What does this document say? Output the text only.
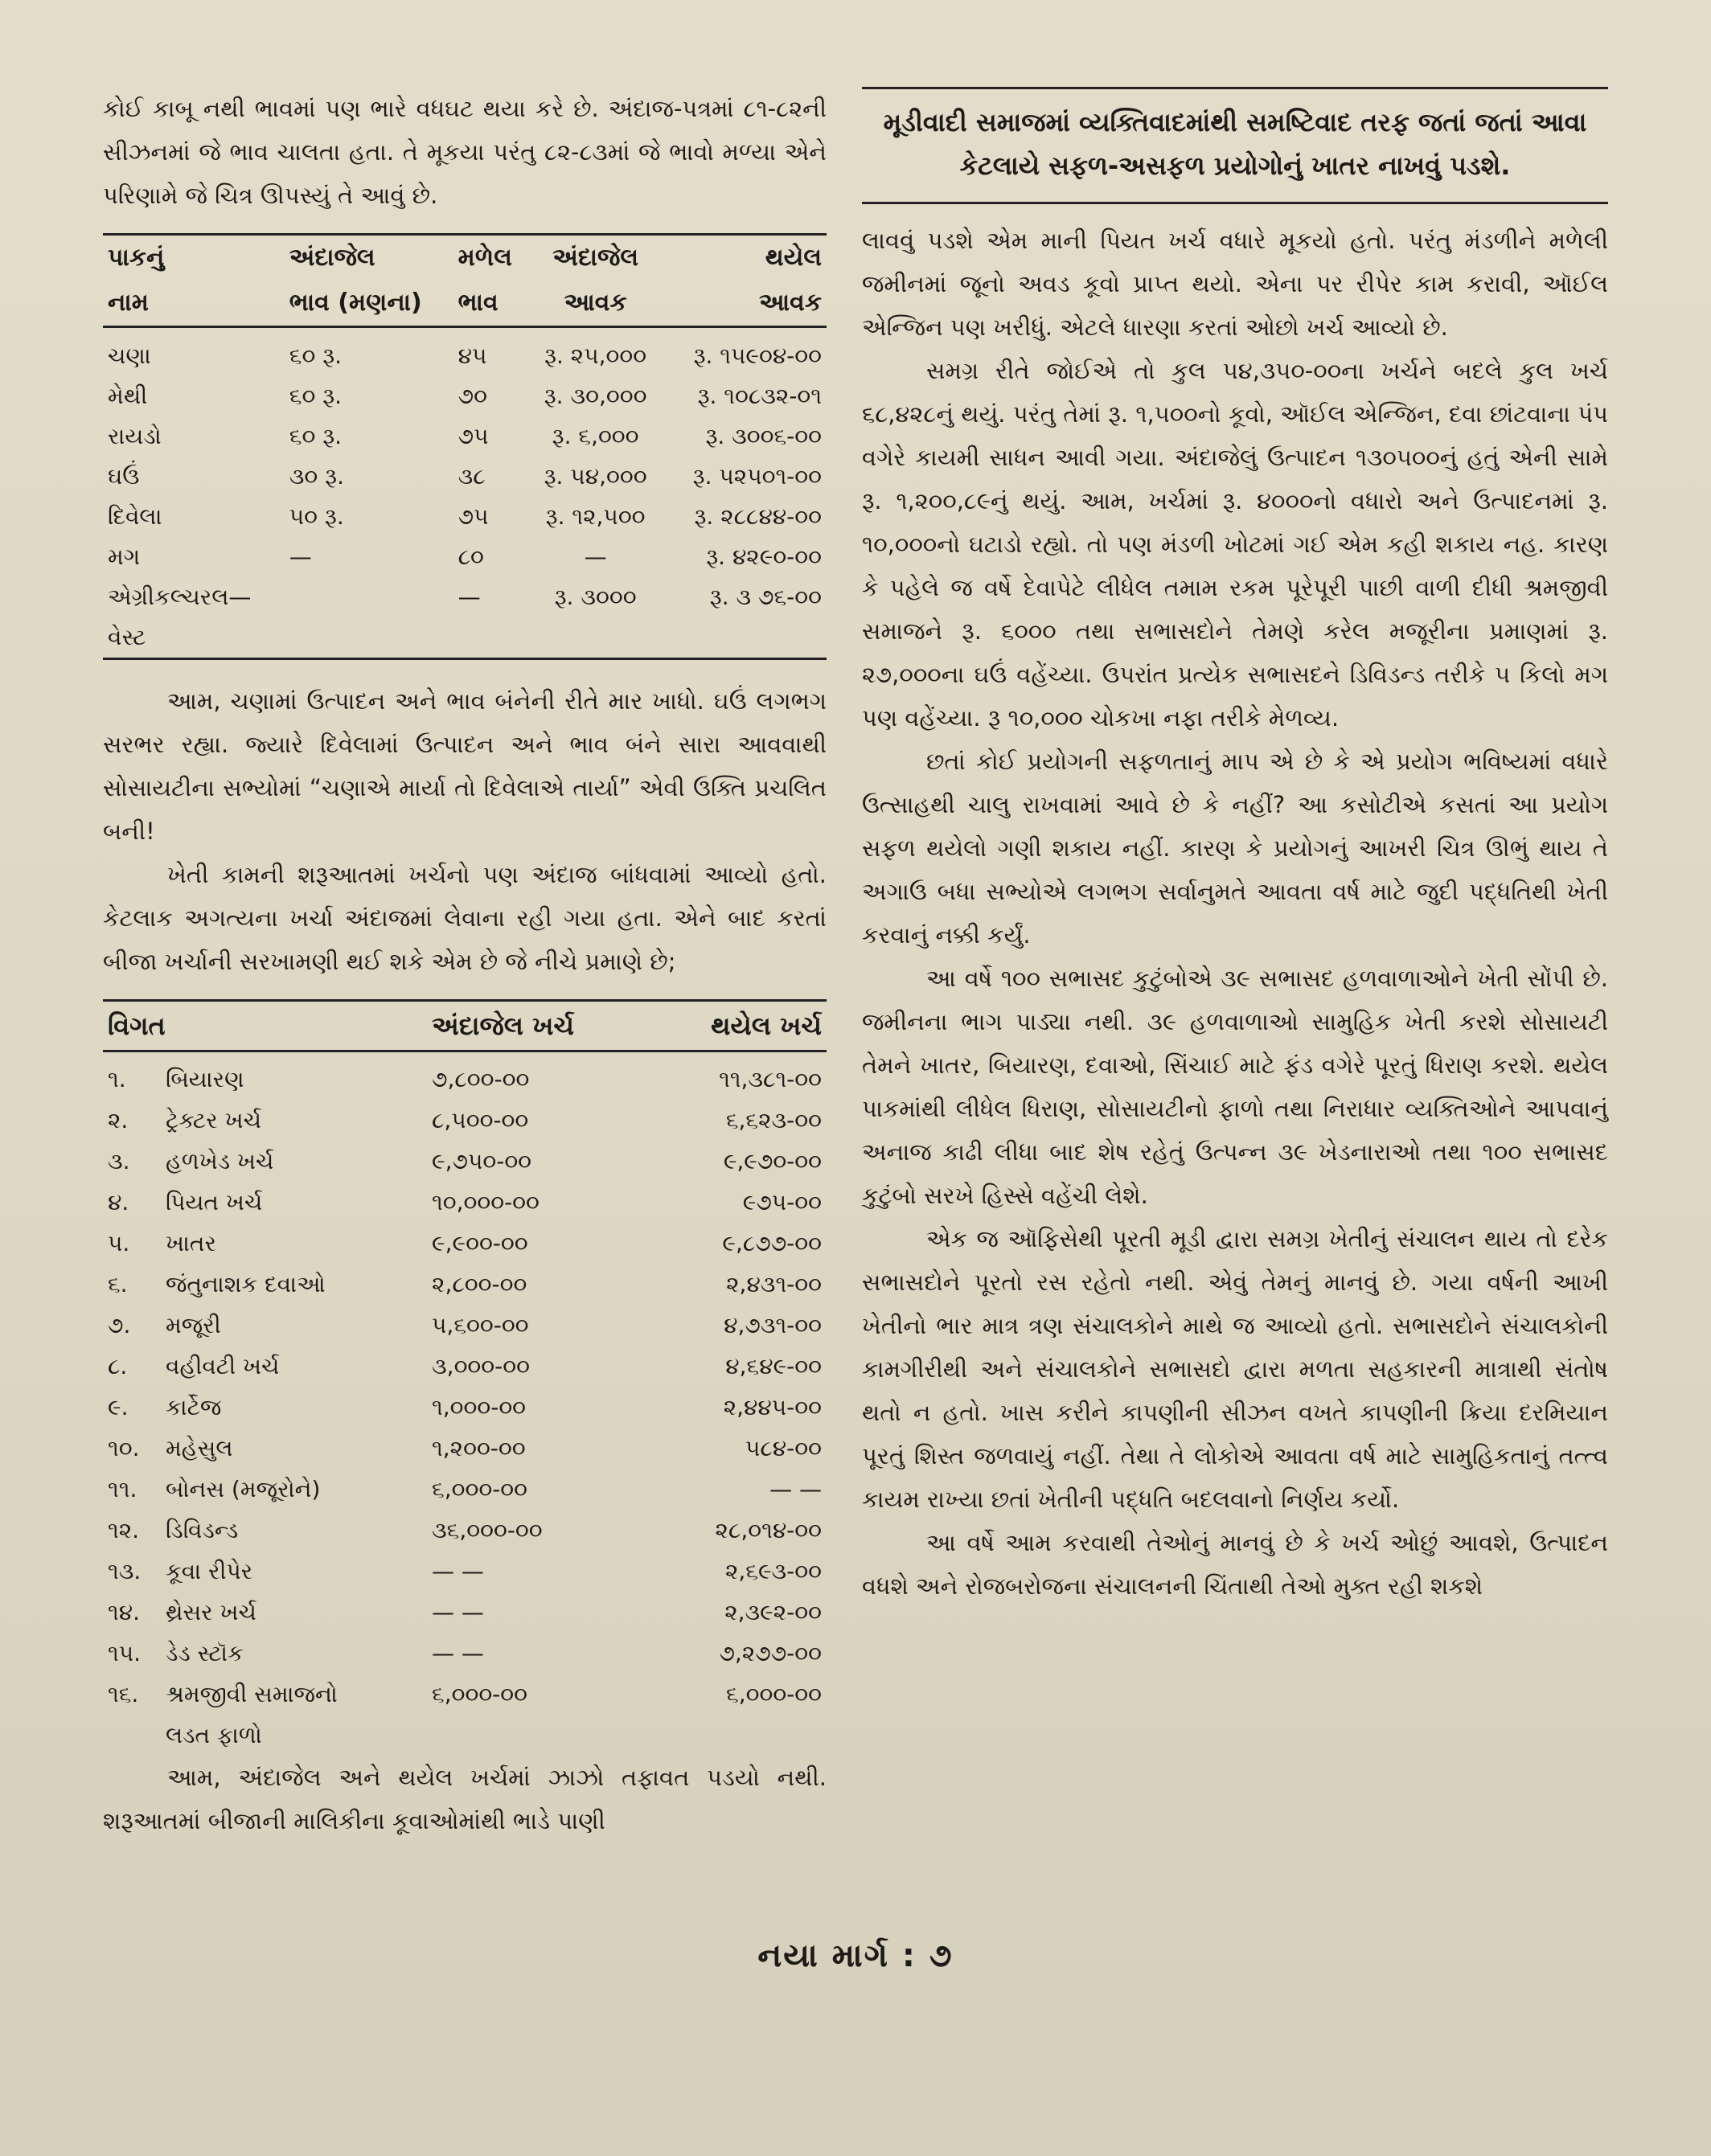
કોઈ કાબૂ નથી ભાવમાં પણ ભારે વધઘટ થયા કરે છે. અંદાજ-પત્રમાં ૮૧-૮૨ની સીઝનમાં જે ભાવ ચાલતા હતા. તે મૂકયા પરંતુ ૮૨-૮૩માં જે ભાવો મળ્યા એને પરિણામે જે ચિત્ર ઊપસ્યું તે આવું છે.

પાકનું	અંદાજેલ	મળેલ	અંદાજેલ	થયેલ
નામ	ભાવ (મણના)	ભાવ	આવક	આવક
ચણા	૬૦ રૂ.	૪૫	રૂ. ૨૫,૦૦૦	રૂ. ૧૫૯૦૪-૦૦
મેથી	૬૦ રૂ.	૭૦	રૂ. ૩૦,૦૦૦	રૂ. ૧૦૮૩૨-૦૧
રાયડો	૬૦ રૂ.	૭૫	રૂ. ૬,૦૦૦	રૂ. ૩૦૦૬-૦૦
ઘઉં	૩૦ રૂ.	૩૮	રૂ. ૫૪,૦૦૦	રૂ. ૫૨૫૦૧-૦૦
દિવેલા	૫૦ રૂ.	૭૫	રૂ. ૧૨,૫૦૦	રૂ. ૨૮૮૪૪-૦૦
મગ	—	૮૦	—	રૂ. ૪૨૯૦-૦૦
એગ્રીકલ્ચરલ—		—	રૂ. ૩૦૦૦	રૂ. ૩ ૭૬-૦૦
વેસ્ટ				

આમ, ચણામાં ઉત્પાદન અને ભાવ બંનેની રીતે માર ખાધો. ઘઉં લગભગ સરભર રહ્યા. જ્યારે દિવેલામાં ઉત્પાદન અને ભાવ બંને સારા આવવાથી સોસાયટીના સભ્યોમાં “ચણાએ માર્યા તો દિવેલાએ તાર્યા” એવી ઉક્તિ પ્રચલિત બની!

ખેતી કામની શરૂઆતમાં ખર્ચનો પણ અંદાજ બાંધવામાં આવ્યો હતો. કેટલાક અગત્યના ખર્ચા અંદાજમાં લેવાના રહી ગયા હતા. એને બાદ કરતાં બીજા ખર્ચાની સરખામણી થઈ શકે એમ છે જે નીચે પ્રમાણે છે;

વિગત		અંદાજેલ ખર્ચ	થયેલ ખર્ચ
૧.	બિયારણ	૭,૮૦૦-૦૦	૧૧,૩૮૧-૦૦
૨.	ટ્રેક્ટર ખર્ચ	૮,૫૦૦-૦૦	૬,૬૨૩-૦૦
૩.	હળખેડ ખર્ચ	૯,૭૫૦-૦૦	૯,૯૭૦-૦૦
૪.	પિયત ખર્ચ	૧૦,૦૦૦-૦૦	૯૭૫-૦૦
૫.	ખાતર	૯,૯૦૦-૦૦	૯,૮૭૭-૦૦
૬.	જંતુનાશક દવાઓ	૨,૮૦૦-૦૦	૨,૪૩૧-૦૦
૭.	મજૂરી	૫,૬૦૦-૦૦	૪,૭૩૧-૦૦
૮.	વહીવટી ખર્ચ	૩,૦૦૦-૦૦	૪,૬૪૯-૦૦
૯.	કાર્ટેજ	૧,૦૦૦-૦૦	૨,૪૪૫-૦૦
૧૦.	મહેસુલ	૧,૨૦૦-૦૦	૫૮૪-૦૦
૧૧.	બોનસ (મજૂરોને)	૬,૦૦૦-૦૦	— —
૧૨.	ડિવિડન્ડ	૩૬,૦૦૦-૦૦	૨૮,૦૧૪-૦૦
૧૩.	કૂવા રીપેર	— —	૨,૬૯૩-૦૦
૧૪.	થ્રેસર ખર્ચ	— —	૨,૩૯૨-૦૦
૧૫.	ડેડ સ્ટૉક	— —	૭,૨૭૭-૦૦
૧૬.	શ્રમજીવી સમાજનો	૬,૦૦૦-૦૦	૬,૦૦૦-૦૦
	લડત ફાળો		

આમ, અંદાજેલ અને થયેલ ખર્ચમાં ઝાઝો તફાવત પડયો નથી. શરૂઆતમાં બીજાની માલિકીના કૂવાઓમાંથી ભાડે પાણી

મૂડીવાદી સમાજમાં વ્યક્તિવાદમાંથી સમષ્ટિવાદ તરફ જતાં જતાં આવા કેટલાયે સફળ-અસફળ પ્રયોગોનું ખાતર નાખવું પડશે.

લાવવું પડશે એમ માની પિયત ખર્ચ વધારે મૂકયો હતો. પરંતુ મંડળીને મળેલી જમીનમાં જૂનો અવડ કૂવો પ્રાપ્ત થયો. એના પર રીપેર કામ કરાવી, ઑઈલ એન્જિન પણ ખરીધું. એટલે ધારણા કરતાં ઓછો ખર્ચ આવ્યો છે.

સમગ્ર રીતે જોઈએ તો કુલ ૫૪,૩૫૦-૦૦ના ખર્ચને બદલે કુલ ખર્ચ ૬૮,૪૨૮નું થયું. પરંતુ તેમાં રૂ. ૧,૫૦૦નો કૂવો, ઑઈલ એન્જિન, દવા છાંટવાના પંપ વગેરે કાયમી સાધન આવી ગયા. અંદાજેલું ઉત્પાદન ૧૩૦૫૦૦નું હતું એની સામે રૂ. ૧,૨૦૦,૮૯નું થયું. આમ, ખર્ચમાં રૂ. ૪૦૦૦નો વધારો અને ઉત્પાદનમાં રૂ. ૧૦,૦૦૦નો ઘટાડો રહ્યો. તો પણ મંડળી ખોટમાં ગઈ એમ કહી શકાય નહ. કારણ કે પહેલે જ વર્ષે દેવાપેટે લીધેલ તમામ રકમ પૂરેપૂરી પાછી વાળી દીધી શ્રમજીવી સમાજને રૂ. ૬૦૦૦ તથા સભાસદોને તેમણે કરેલ મજૂરીના પ્રમાણમાં રૂ. ૨૭,૦૦૦ના ઘઉં વહેંચ્યા. ઉપરાંત પ્રત્યેક સભાસદને ડિવિડન્ડ તરીકે ૫ કિલો મગ પણ વહેંચ્યા. રૂ ૧૦,૦૦૦ ચોકખા નફા તરીકે મેળવ્ય.

છતાં કોઈ પ્રયોગની સફળતાનું માપ એ છે કે એ પ્રયોગ ભવિષ્યમાં વધારે ઉત્સાહથી ચાલુ રાખવામાં આવે છે કે નહીં? આ કસોટીએ કસતાં આ પ્રયોગ સફળ થયેલો ગણી શકાય નહીં. કારણ કે પ્રયોગનું આખરી ચિત્ર ઊભું થાય તે અગાઉ બધા સભ્યોએ લગભગ સર્વાનુમતે આવતા વર્ષ માટે જુદી પદ્ધતિથી ખેતી કરવાનું નક્કી કર્યું.

આ વર્ષે ૧૦૦ સભાસદ કુટુંબોએ ૩૯ સભાસદ હળવાળાઓને ખેતી સોંપી છે. જમીનના ભાગ પાડ્યા નથી. ૩૯ હળવાળાઓ સામુહિક ખેતી કરશે સોસાયટી તેમને ખાતર, બિયારણ, દવાઓ, સિંચાઈ માટે ફંડ વગેરે પૂરતું ધિરાણ કરશે. થયેલ પાકમાંથી લીધેલ ધિરાણ, સોસાયટીનો ફાળો તથા નિરાધાર વ્યક્તિઓને આપવાનું અનાજ કાઢી લીધા બાદ શેષ રહેતું ઉત્પન્ન ૩૯ ખેડનારાઓ તથા ૧૦૦ સભાસદ કુટુંબો સરખે હિસ્સે વહેંચી લેશે.

એક જ ઑફિસેથી પૂરતી મૂડી દ્વારા સમગ્ર ખેતીનું સંચાલન થાય તો દરેક સભાસદોને પૂરતો રસ રહેતો નથી. એવું તેમનું માનવું છે. ગયા વર્ષની આખી ખેતીનો ભાર માત્ર ત્રણ સંચાલકોને માથે જ આવ્યો હતો. સભાસદોને સંચાલકોની કામગીરીથી અને સંચાલકોને સભાસદો દ્વારા મળતા સહકારની માત્રાથી સંતોષ થતો ન હતો. ખાસ કરીને કાપણીની સીઝન વખતે કાપણીની ક્રિયા દરમિયાન પૂરતું શિસ્ત જળવાયું નહીં. તેથા તે લોકોએ આવતા વર્ષ માટે સામુહિકતાનું તત્ત્વ કાયમ રાખ્યા છતાં ખેતીની પદ્ધતિ બદલવાનો નિર્ણય કર્યો.

આ વર્ષે આમ કરવાથી તેઓનું માનવું છે કે ખર્ચ ઓછું આવશે, ઉત્પાદન વધશે અને રોજબરોજના સંચાલનની ચિંતાથી તેઓ મુક્ત રહી શકશે

નયા માર્ગ : ૭
